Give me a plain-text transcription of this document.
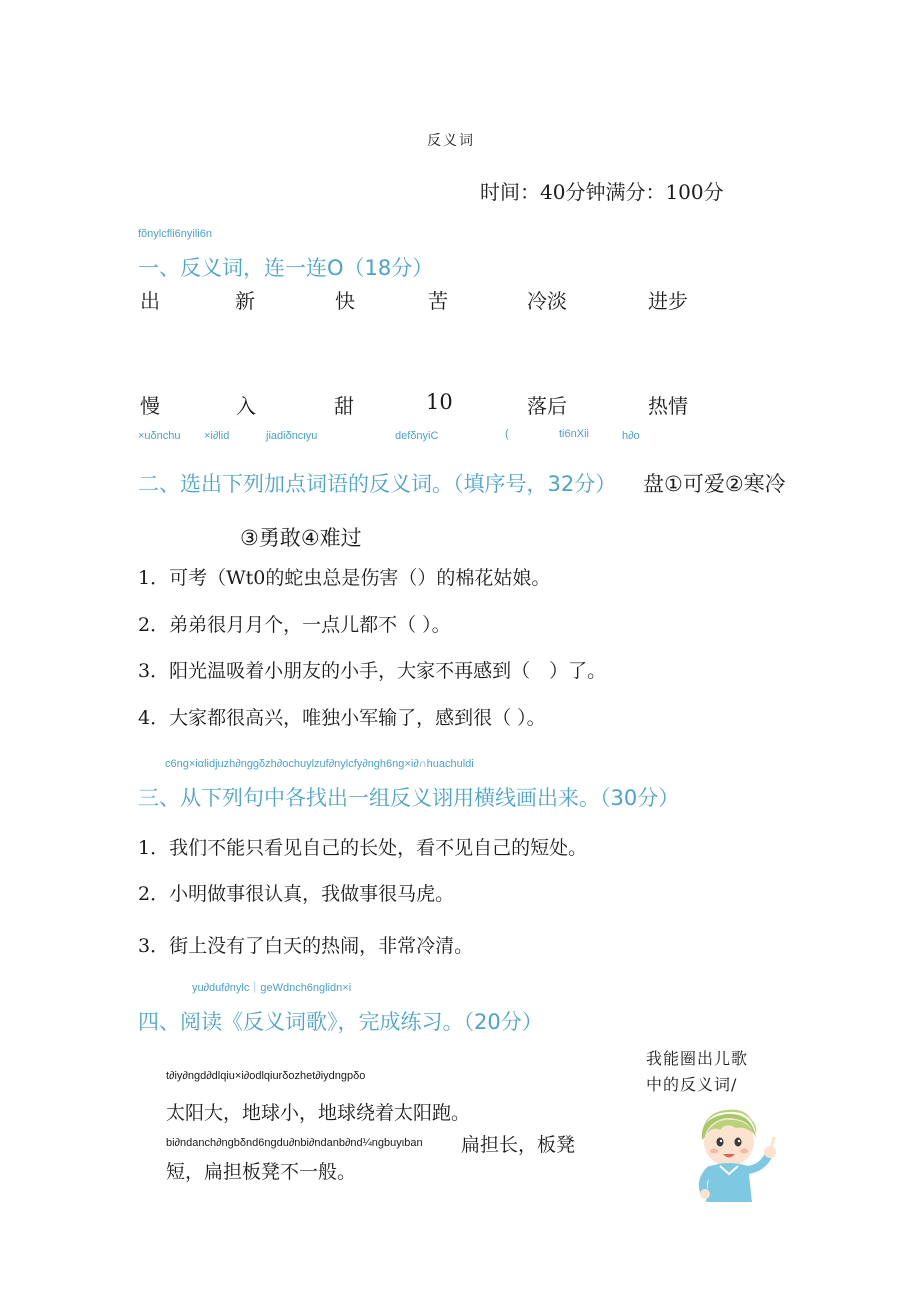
反义词
时间：40分钟满分：100分
fõnylcfli6nyili6n
一、反义词，连一连O（18分）
出	新	快	苦	冷淡	进步
慢	入	甜	10	落后	热情
×uδnchu ×i∂lid	jiadiδncιyu	defδnyiC	(	ti6nXii	h∂o
二、选出下列加点词语的反义词。（填序号，32分） 盘①可爱②寒冷
③勇敢④难过
1．可考（Wt0的蛇虫总是伤害（）的棉花姑娘。
2．弟弟很月月个，一点儿都不（ ）。
3．阳光温吸着小朋友的小手，大家不再感到（　）了。
4．大家都很高兴，唯独小军输了，感到很（ ）。
c6ng×iαlidjuzh∂nggδzh∂ochuylzuf∂nylcfy∂ngh6ng×i∂∩huachuldi
三、从下列句中各找出一组反义诩用横线画出来。（30分）
1．我们不能只看见自己的长处，看不见自己的短处。
2．小明做事很认真，我做事很马虎。
3．街上没有了白天的热闹，非常冷清。
yu∂duf∂nylc｜geWdnch6nglidn×i
四、阅读《反义词歌》，完成练习。（20分）
t∂iy∂ngd∂dlqiu×i∂odlqiurδozhet∂iydngpδo
太阳大，地球小，地球绕着太阳跑。
bi∂ndanch∂ngbδnd6ngdu∂nbi∂ndanb∂nd¼ngbuyιban 扁担长，板凳
短，扁担板凳不一般。
我能圈出儿歌
中的反义词/
